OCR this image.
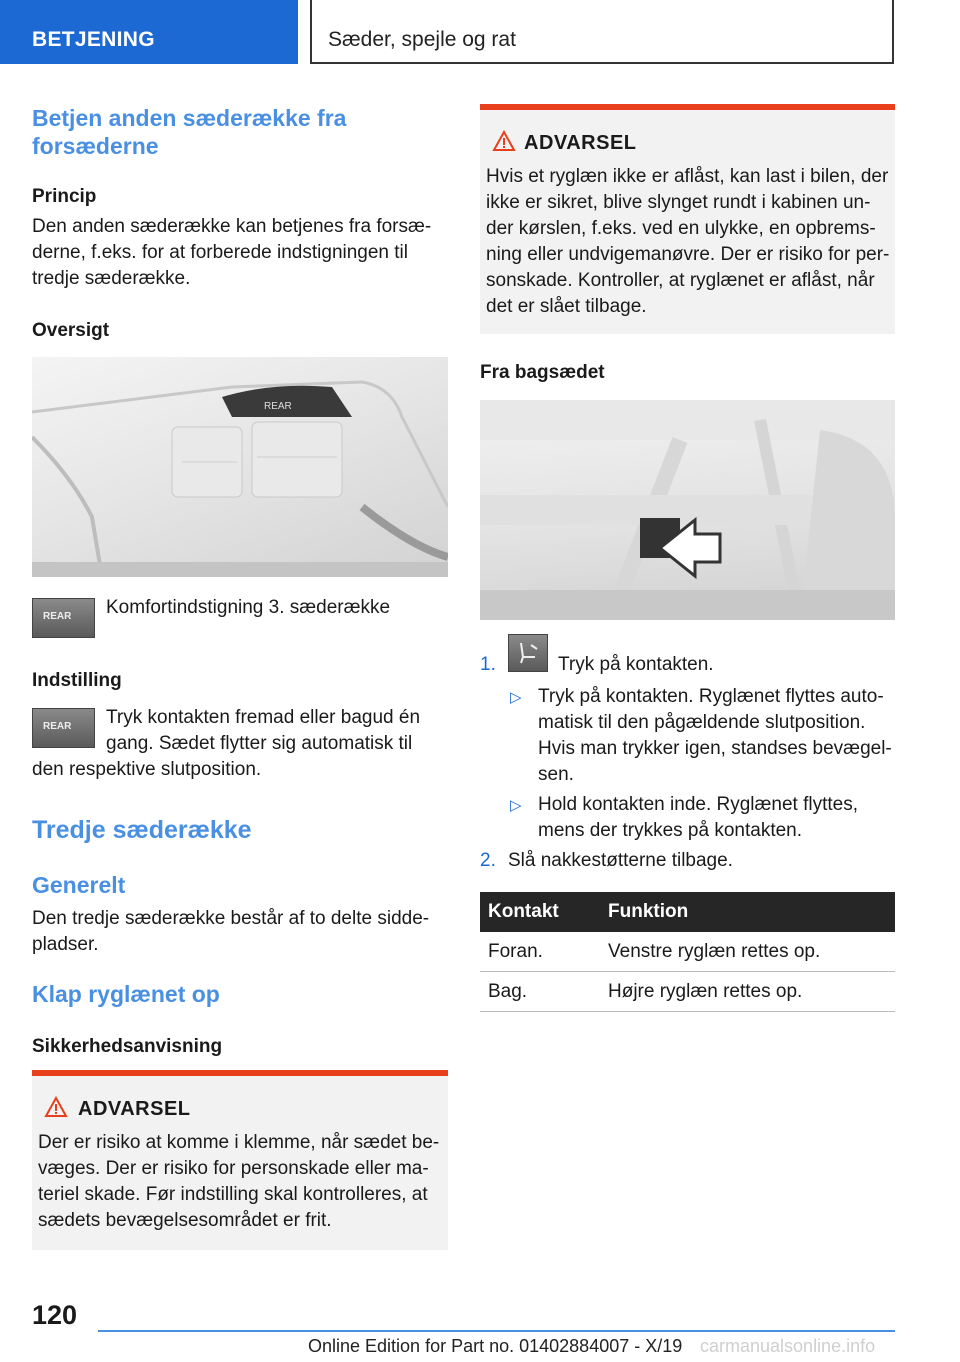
BETJENING	Sæder, spejle og rat
Betjen anden sæderække fra
forsæderne
Princip
Den anden sæderække kan betjenes fra forsæ-
derne, f.eks. for at forberede indstigningen til
tredje sæderække.
Oversigt
REAR
REAR Komfortindstigning 3. sæderække
Indstilling
REAR Tryk kontakten fremad eller bagud én
gang. Sædet flytter sig automatisk til
den respektive slutposition.
Tredje sæderække
Generelt
Den tredje sæderække består af to delte sidde-
pladser.
Klap ryglænet op
Sikkerhedsanvisning
ADVARSEL
Der er risiko at komme i klemme, når sædet be-
væges. Der er risiko for personskade eller ma-
teriel skade. Før indstilling skal kontrolleres, at
sædets bevægelsesområdet er frit.
ADVARSEL
Hvis et ryglæn ikke er aflåst, kan last i bilen, der
ikke er sikret, blive slynget rundt i kabinen un-
der kørslen, f.eks. ved en ulykke, en opbrems-
ning eller undvigemanøvre. Der er risiko for per-
sonskade. Kontroller, at ryglænet er aflåst, når
det er slået tilbage.
Fra bagsædet
1.	Tryk på kontakten.
▷ Tryk på kontakten. Ryglænet flyttes auto-
matisk til den pågældende slutposition.
Hvis man trykker igen, standses bevægel-
sen.
▷ Hold kontakten inde. Ryglænet flyttes,
mens der trykkes på kontakten.
2. Slå nakkestøtterne tilbage.
Kontakt	Funktion
Foran.	Venstre ryglæn rettes op.
Bag.	Højre ryglæn rettes op.
120
Online Edition for Part no. 01402884007 - X/19 carmanualsonline.info
